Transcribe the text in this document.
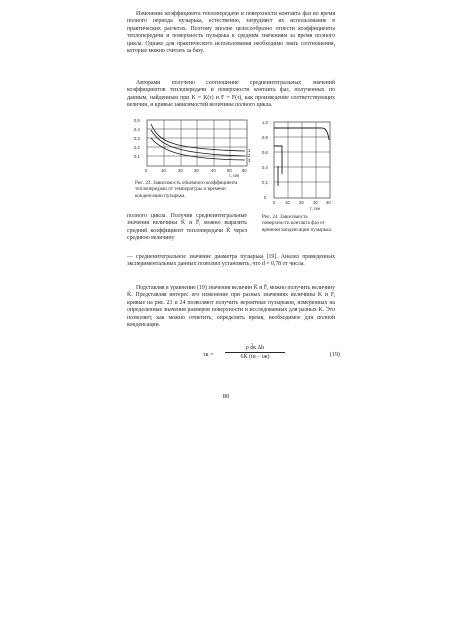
Изменение коэффициента теплопередачи и поверхности контакта фаз во время полного периода пузырька, естественно, затрудняет их использование в практических расчетах. Поэтому вполне целесообразно отнести коэффициенты теплопередачи и поверхность пузырька к средним значениям за время полного цикла. Однако для практического использования необходимо знать соотношения, которые можно считать за базу.
Авторами получено соотношение среднеинтегральных значений коэффициентов теплопередачи и поверхности контакта фаз, полученных по данным, найденным при K = K(τ) и F = F(τ), как произведение соответствующих величин, и кривые зависимостей величины полного цикла.
0,5
0,4
0,3
0,2
0,1
0	10	20	30	40	50 60
τ, сек
1
2
3
Рис. 23. Зависимость объемного коэффициента теплопередачи от температуры и времени конденсации пузырька.
1,0
0,8
0,6
0,4
0,2
0
0 10 20 30 40
τ, сек
Рис. 24. Зависимость поверхности контакта фаз от времени конденсации пузырька.
полного цикла. Получив среднеинтегральные значения величины K̄ и F̄, можно выразить средний коэффициент теплопередачи K̄ через среднюю величину
— среднеинтегральное значение диаметра пузырька [19]. Анализ приведенных экспериментальных данных позволил установить, что d̄ = 0,78 от числа.
Подставляя в уравнение (19) значения величин K̄ и F̄, можно получить величину K̄. Представляя интерес его изменение при разных значениях величины K и F, кривые на рис. 23 и 24 позволяют получить вероятные пузырьков, измеренных на определенные значения размеров поверхности и исследованных для разных K. Это позволяет, как можно отметить, определить время, необходимое для полной конденсации.
τк =
ρ d̄к Δh
6K̄ (tн − tж)	(19)
80
